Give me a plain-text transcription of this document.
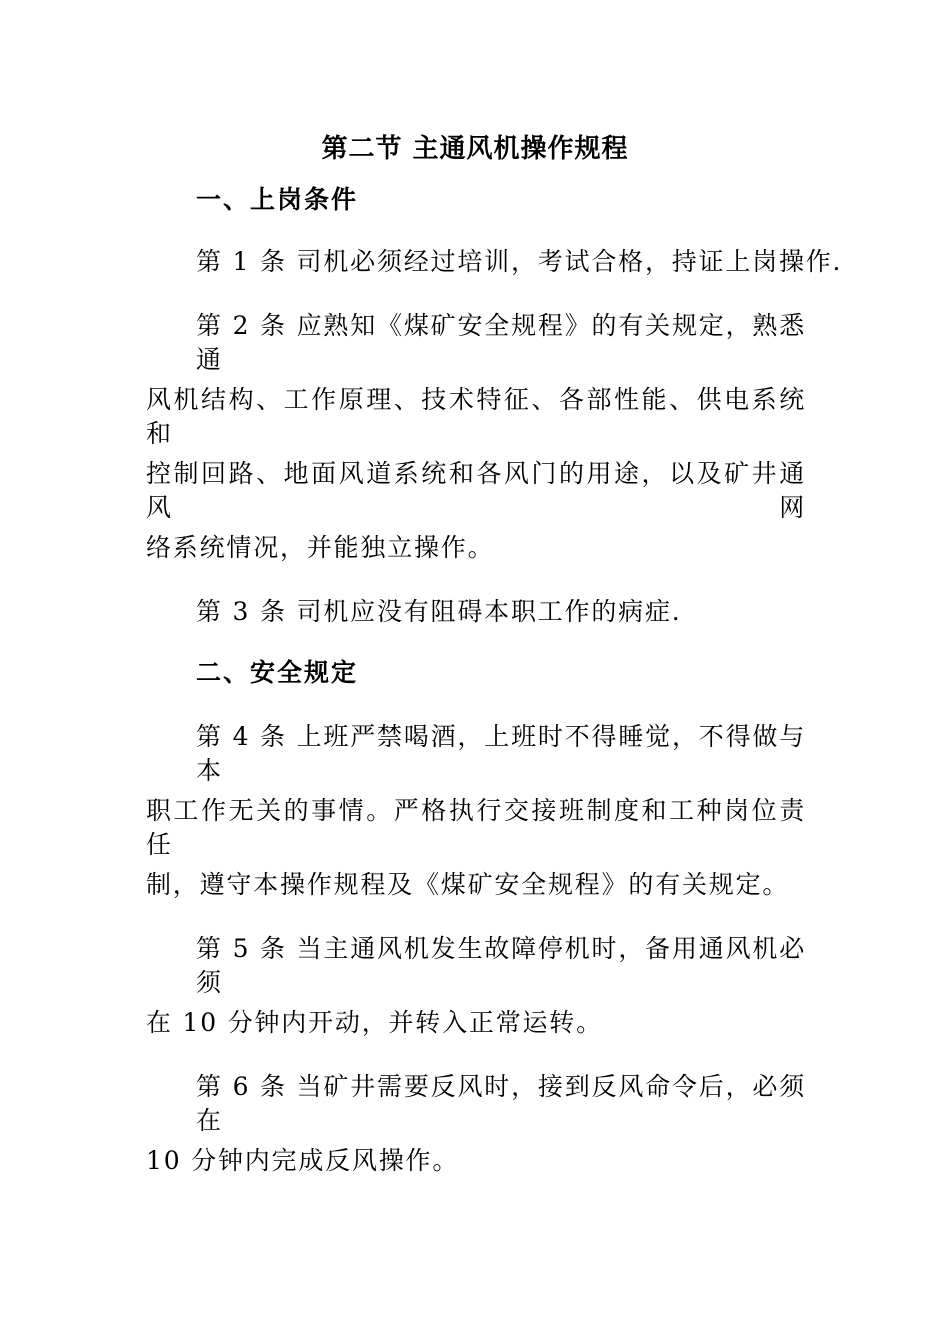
第二节 主通风机操作规程
一、上岗条件
第 1 条 司机必须经过培训，考试合格，持证上岗操作.
第 2 条 应熟知《煤矿安全规程》的有关规定，熟悉通
风机结构、工作原理、技术特征、各部性能、供电系统和
控制回路、地面风道系统和各风门的用途，以及矿井通风网
络系统情况，并能独立操作。
第 3 条 司机应没有阻碍本职工作的病症.
二、安全规定
第 4 条 上班严禁喝酒，上班时不得睡觉，不得做与本
职工作无关的事情。严格执行交接班制度和工种岗位责任
制，遵守本操作规程及《煤矿安全规程》的有关规定。
第 5 条 当主通风机发生故障停机时，备用通风机必须
在 10 分钟内开动，并转入正常运转。
第 6 条 当矿井需要反风时，接到反风命令后，必须在
10 分钟内完成反风操作。
